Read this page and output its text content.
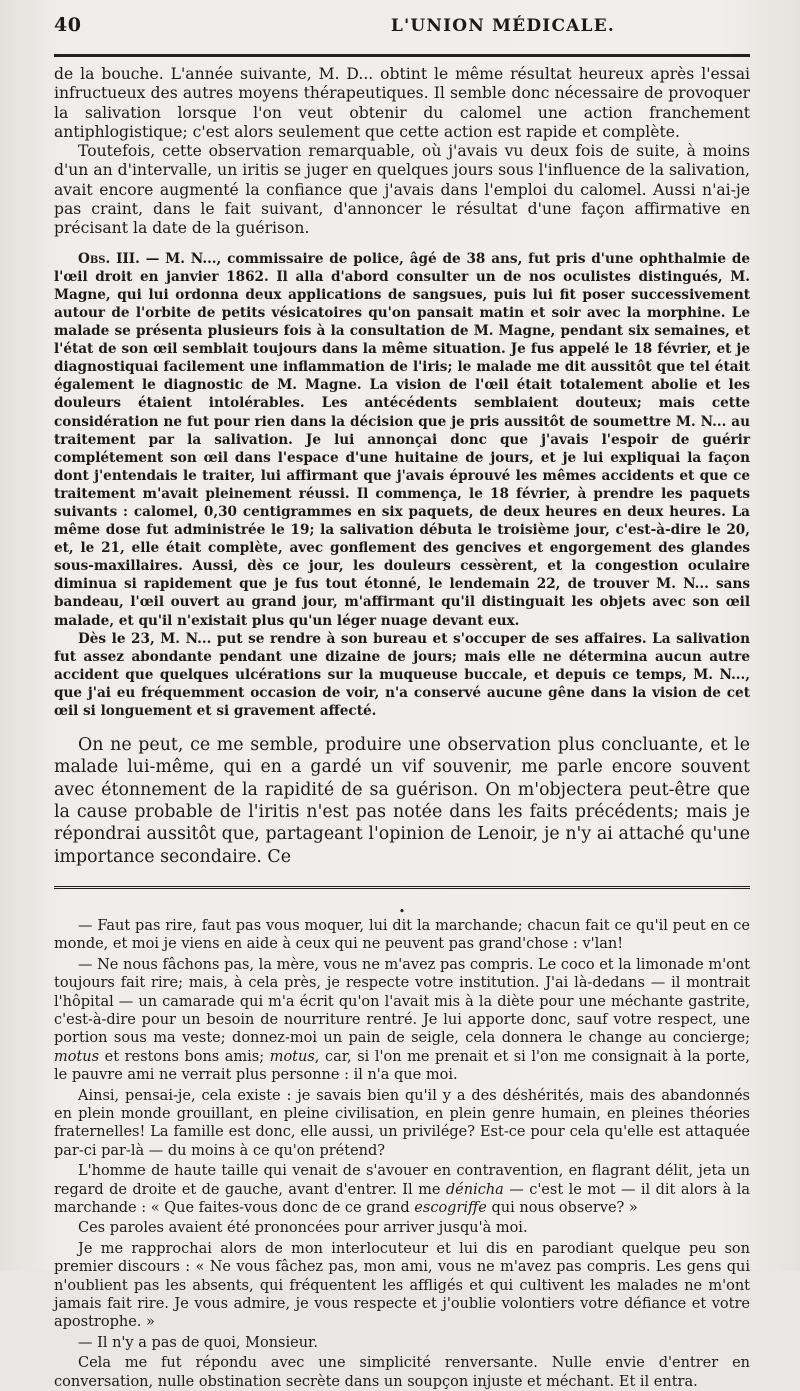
40	L'UNION MÉDICALE.

de la bouche. L'année suivante, M. D... obtint le même résultat heureux après l'essai infructueux des autres moyens thérapeutiques. Il semble donc nécessaire de provoquer la salivation lorsque l'on veut obtenir du calomel une action franchement antiphlogistique; c'est alors seulement que cette action est rapide et complète.

Toutefois, cette observation remarquable, où j'avais vu deux fois de suite, à moins d'un an d'intervalle, un iritis se juger en quelques jours sous l'influence de la salivation, avait encore augmenté la confiance que j'avais dans l'emploi du calomel. Aussi n'ai-je pas craint, dans le fait suivant, d'annoncer le résultat d'une façon affirmative en précisant la date de la guérison.

Obs. III. — M. N..., commissaire de police, âgé de 38 ans, fut pris d'une ophthalmie de l'œil droit en janvier 1862. Il alla d'abord consulter un de nos oculistes distingués, M. Magne, qui lui ordonna deux applications de sangsues, puis lui fit poser successivement autour de l'orbite de petits vésicatoires qu'on pansait matin et soir avec la morphine. Le malade se présenta plusieurs fois à la consultation de M. Magne, pendant six semaines, et l'état de son œil semblait toujours dans la même situation. Je fus appelé le 18 février, et je diagnostiquai facilement une inflammation de l'iris; le malade me dit aussitôt que tel était également le diagnostic de M. Magne. La vision de l'œil était totalement abolie et les douleurs étaient intolérables. Les antécédents semblaient douteux; mais cette considération ne fut pour rien dans la décision que je pris aussitôt de soumettre M. N... au traitement par la salivation. Je lui annonçai donc que j'avais l'espoir de guérir complétement son œil dans l'espace d'une huitaine de jours, et je lui expliquai la façon dont j'entendais le traiter, lui affirmant que j'avais éprouvé les mêmes accidents et que ce traitement m'avait pleinement réussi. Il commença, le 18 février, à prendre les paquets suivants : calomel, 0,30 centigrammes en six paquets, de deux heures en deux heures. La même dose fut administrée le 19; la salivation débuta le troisième jour, c'est-à-dire le 20, et, le 21, elle était complète, avec gonflement des gencives et engorgement des glandes sous-maxillaires. Aussi, dès ce jour, les douleurs cessèrent, et la congestion oculaire diminua si rapidement que je fus tout étonné, le lendemain 22, de trouver M. N... sans bandeau, l'œil ouvert au grand jour, m'affirmant qu'il distinguait les objets avec son œil malade, et qu'il n'existait plus qu'un léger nuage devant eux.

Dès le 23, M. N... put se rendre à son bureau et s'occuper de ses affaires. La salivation fut assez abondante pendant une dizaine de jours; mais elle ne détermina aucun autre accident que quelques ulcérations sur la muqueuse buccale, et depuis ce temps, M. N..., que j'ai eu fréquemment occasion de voir, n'a conservé aucune gêne dans la vision de cet œil si longuement et si gravement affecté.

On ne peut, ce me semble, produire une observation plus concluante, et le malade lui-même, qui en a gardé un vif souvenir, me parle encore souvent avec étonnement de la rapidité de sa guérison. On m'objectera peut-être que la cause probable de l'iritis n'est pas notée dans les faits précédents; mais je répondrai aussitôt que, partageant l'opinion de Lenoir, je n'y ai attaché qu'une importance secondaire. Ce

•

— Faut pas rire, faut pas vous moquer, lui dit la marchande; chacun fait ce qu'il peut en ce monde, et moi je viens en aide à ceux qui ne peuvent pas grand'chose : v'lan!

— Ne nous fâchons pas, la mère, vous ne m'avez pas compris. Le coco et la limonade m'ont toujours fait rire; mais, à cela près, je respecte votre institution. J'ai là-dedans — il montrait l'hôpital — un camarade qui m'a écrit qu'on l'avait mis à la diète pour une méchante gastrite, c'est-à-dire pour un besoin de nourriture rentré. Je lui apporte donc, sauf votre respect, une portion sous ma veste; donnez-moi un pain de seigle, cela donnera le change au concierge; motus et restons bons amis; motus, car, si l'on me prenait et si l'on me consignait à la porte, le pauvre ami ne verrait plus personne : il n'a que moi.

Ainsi, pensai-je, cela existe : je savais bien qu'il y a des déshérités, mais des abandonnés en plein monde grouillant, en pleine civilisation, en plein genre humain, en pleines théories fraternelles! La famille est donc, elle aussi, un privilége? Est-ce pour cela qu'elle est attaquée par-ci par-là — du moins à ce qu'on prétend?

L'homme de haute taille qui venait de s'avouer en contravention, en flagrant délit, jeta un regard de droite et de gauche, avant d'entrer. Il me dénicha — c'est le mot — il dit alors à la marchande : « Que faites-vous donc de ce grand escogriffe qui nous observe? »

Ces paroles avaient été prononcées pour arriver jusqu'à moi.

Je me rapprochai alors de mon interlocuteur et lui dis en parodiant quelque peu son premier discours : « Ne vous fâchez pas, mon ami, vous ne m'avez pas compris. Les gens qui n'oublient pas les absents, qui fréquentent les affligés et qui cultivent les malades ne m'ont jamais fait rire. Je vous admire, je vous respecte et j'oublie volontiers votre défiance et votre apostrophe. »

— Il n'y a pas de quoi, Monsieur.

Cela me fut répondu avec une simplicité renversante. Nulle envie d'entrer en conversation, nulle obstination secrète dans un soupçon injuste et méchant. Et il entra.
